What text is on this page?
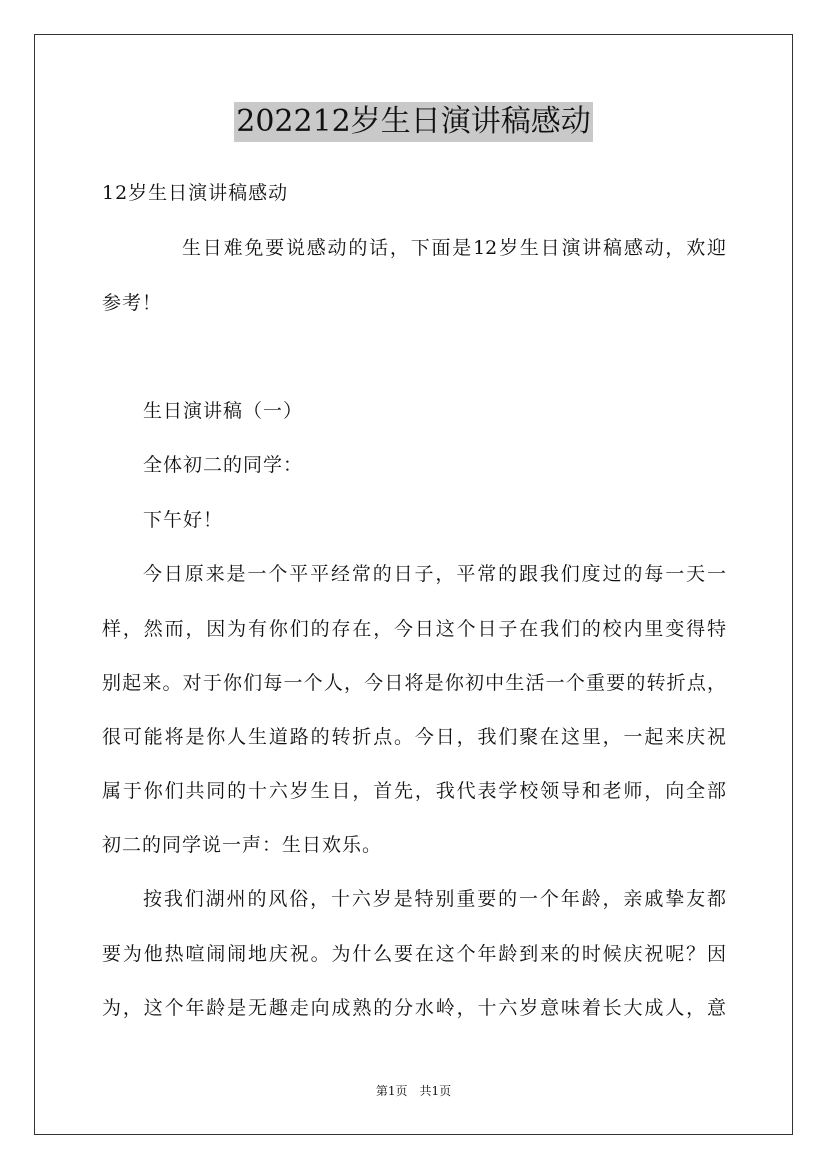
202212岁生日演讲稿感动
12岁生日演讲稿感动
生日难免要说感动的话，下面是12岁生日演讲稿感动，欢迎
参考！
生日演讲稿（一）
全体初二的同学：
下午好！
今日原来是一个平平经常的日子，平常的跟我们度过的每一天一
样，然而，因为有你们的存在，今日这个日子在我们的校内里变得特
别起来。对于你们每一个人，今日将是你初中生活一个重要的转折点，
很可能将是你人生道路的转折点。今日，我们聚在这里，一起来庆祝
属于你们共同的十六岁生日，首先，我代表学校领导和老师，向全部
初二的同学说一声：生日欢乐。
按我们湖州的风俗，十六岁是特别重要的一个年龄，亲戚挚友都
要为他热喧闹闹地庆祝。为什么要在这个年龄到来的时候庆祝呢？因
为，这个年龄是无趣走向成熟的分水岭，十六岁意味着长大成人，意
第1页　共1页
